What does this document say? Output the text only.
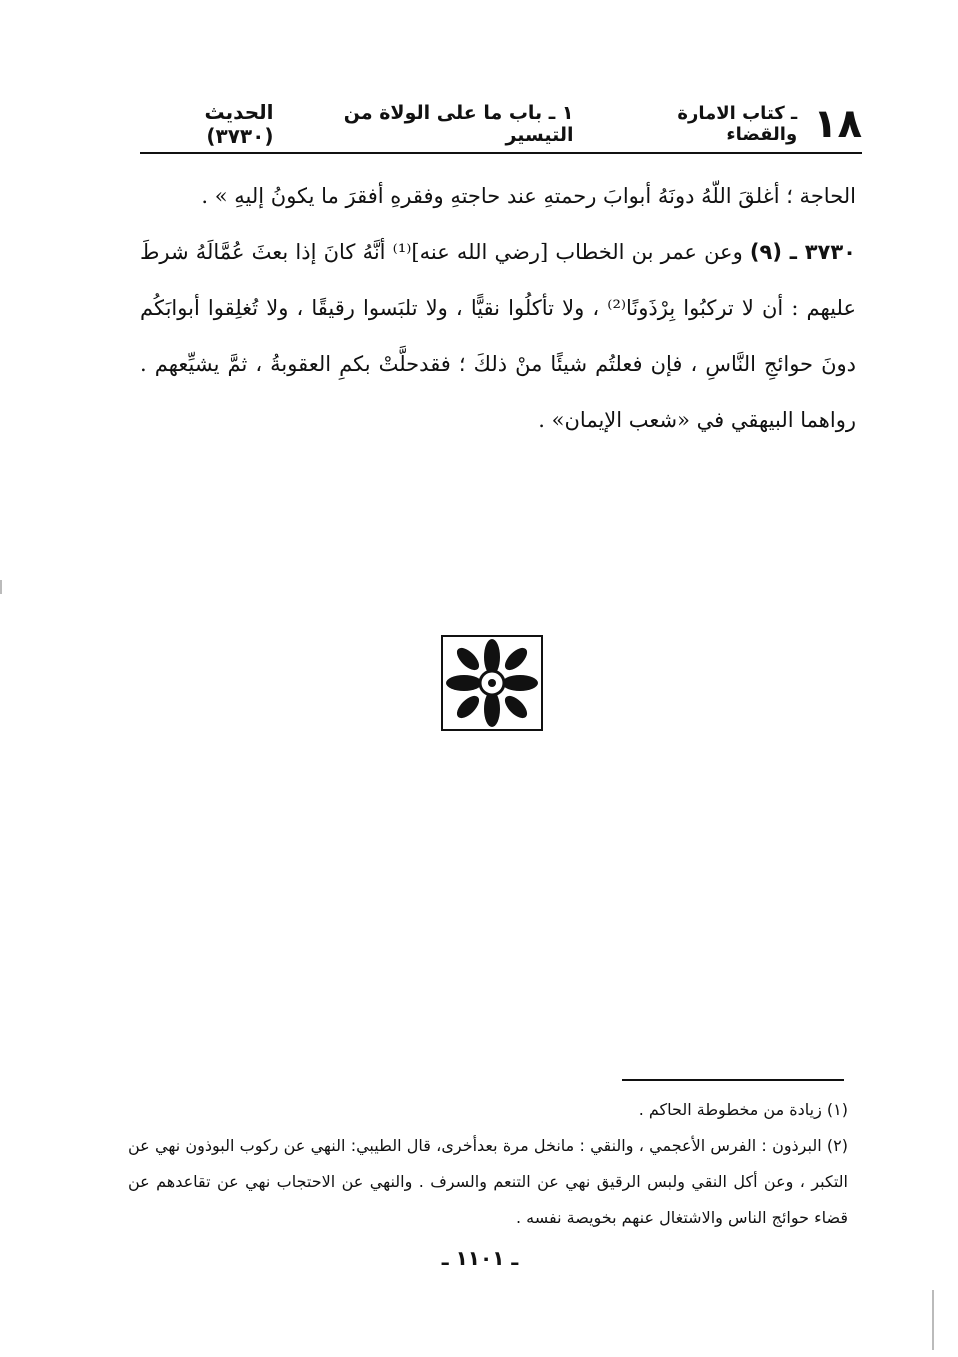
١٨
ـ كتاب الامارة والقضاء
١ ـ باب ما على الولاة من التيسير
الحديث (٣٧٣٠)

الحاجة ؛ أغلقَ اللّهُ دونَهُ أبوابَ رحمتهِ عند حاجتهِ وفقرهِ أفقرَ ما يكونُ إليهِ » .

٣٧٣٠ ـ (٩) وعن عمر بن الخطاب [رضي الله عنه]⁽¹⁾ أنَّهُ كانَ إذا بعثَ عُمَّالَهُ شرطَ عليهم : أن لا تركبُوا بِرْذَونًا⁽²⁾ ، ولا تأكلُوا نقيًّا ، ولا تلبَسوا رقيقًا ، ولا تُغلِقوا أبوابَكُم دونَ حوائجِ النَّاسِ ، فإن فعلتُم شيئًا منْ ذلكَ ؛ فقدحلَّتْ بكمِ العقوبةُ ، ثمَّ يشيِّعهم . رواهما البيهقي في «شعب الإيمان» .

(١) زيادة من مخطوطة الحاكم .

(٢) البرذون : الفرس الأعجمي ، والنقي : مانخل مرة بعدأخرى، قال الطيبي: النهي عن ركوب البوذون نهي عن التكبر ، وعن أكل النقي ولبس الرقيق نهي عن التنعم والسرف . والنهي عن الاحتجاب نهي عن تقاعدهم عن قضاء حوائج الناس والاشتغال عنهم بخويصة نفسه .

ـ ١١٠١ ـ
